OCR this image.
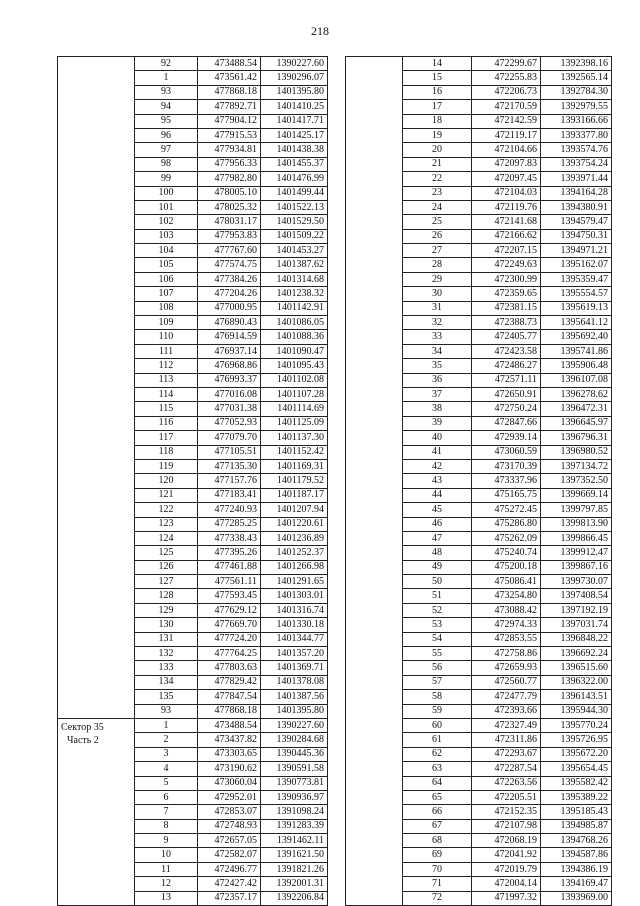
218
	92	473488.54	1390227.60
	1	473561.42	1390296.07
	93	477868.18	1401395.80
	94	477892.71	1401410.25
	95	477904.12	1401417.71
	96	477915.53	1401425.17
	97	477934.81	1401438.38
	98	477956.33	1401455.37
	99	477982.80	1401476.99
	100	478005.10	1401499.44
	101	478025.32	1401522.13
	102	478031.17	1401529.50
	103	477953.83	1401509.22
	104	477767.60	1401453.27
	105	477574.75	1401387.62
	106	477384.26	1401314.68
	107	477204.26	1401238.32
	108	477000.95	1401142.91
	109	476890.43	1401086.05
	110	476914.59	1401088.36
	111	476937.14	1401090.47
	112	476968.86	1401095.43
	113	476993.37	1401102.08
	114	477016.08	1401107.28
	115	477031.38	1401114.69
	116	477052.93	1401125.09
	117	477079.70	1401137.30
	118	477105.51	1401152.42
	119	477135.30	1401169.31
	120	477157.76	1401179.52
	121	477183.41	1401187.17
	122	477240.93	1401207.94
	123	477285.25	1401220.61
	124	477338.43	1401236.89
	125	477395.26	1401252.37
	126	477461.88	1401266.98
	127	477561.11	1401291.65
	128	477593.45	1401303.01
	129	477629.12	1401316.74
	130	477669.70	1401330.18
	131	477724.20	1401344.77
	132	477764.25	1401357.20
	133	477803.63	1401369.71
	134	477829.42	1401378.08
	135	477847.54	1401387.56
	93	477868.18	1401395.80

Сектор 35
Часть 2	1	473488.54	1390227.60
	2	473437.82	1390284.68
	3	473303.65	1390445.36
	4	473190.62	1390591.58
	5	473060.04	1390773.81
	6	472952.01	1390936.97
	7	472853.07	1391098.24
	8	472748.93	1391283.39
	9	472657.05	1391462.11
	10	472582.07	1391621.50
	11	472496.77	1391821.26
	12	472427.42	1392001.31
	13	472357.17	1392206.84
	14	472299.67	1392398.16
	15	472255.83	1392565.14
	16	472206.73	1392784.30
	17	472170.59	1392979.55
	18	472142.59	1393166.66
	19	472119.17	1393377.80
	20	472104.66	1393574.76
	21	472097.83	1393754.24
	22	472097.45	1393971.44
	23	472104.03	1394164.28
	24	472119.76	1394380.91
	25	472141.68	1394579.47
	26	472166.62	1394750.31
	27	472207.15	1394971.21
	28	472249.63	1395162.07
	29	472300.99	1395359.47
	30	472359.65	1395554.57
	31	472381.15	1395619.13
	32	472388.73	1395641.12
	33	472405.77	1395692.40
	34	472423.58	1395741.86
	35	472486.27	1395906.48
	36	472571.11	1396107.08
	37	472650.91	1396278.62
	38	472750.24	1396472.31
	39	472847.66	1396645.97
	40	472939.14	1396796.31
	41	473060.59	1396980.52
	42	473170.39	1397134.72
	43	473337.96	1397352.50
	44	475165.75	1399669.14
	45	475272.45	1399797.85
	46	475286.80	1399813.90
	47	475262.09	1399866.45
	48	475240.74	1399912.47
	49	475200.18	1399867.16
	50	475086.41	1399730.07
	51	473254.80	1397408.54
	52	473088.42	1397192.19
	53	472974.33	1397031.74
	54	472853.55	1396848.22
	55	472758.86	1396692.24
	56	472659.93	1396515.60
	57	472560.77	1396322.00
	58	472477.79	1396143.51
	59	472393.66	1395944.30
	60	472327.49	1395770.24
	61	472311.86	1395726.95
	62	472293.67	1395672.20
	63	472287.54	1395654.45
	64	472263.56	1395582.42
	65	472205.51	1395389.22
	66	472152.35	1395185.43
	67	472107.98	1394985.87
	68	472068.19	1394768.26
	69	472041.92	1394587.86
	70	472019.79	1394386.19
	71	472004.14	1394169.47
	72	471997.32	1393969.00
